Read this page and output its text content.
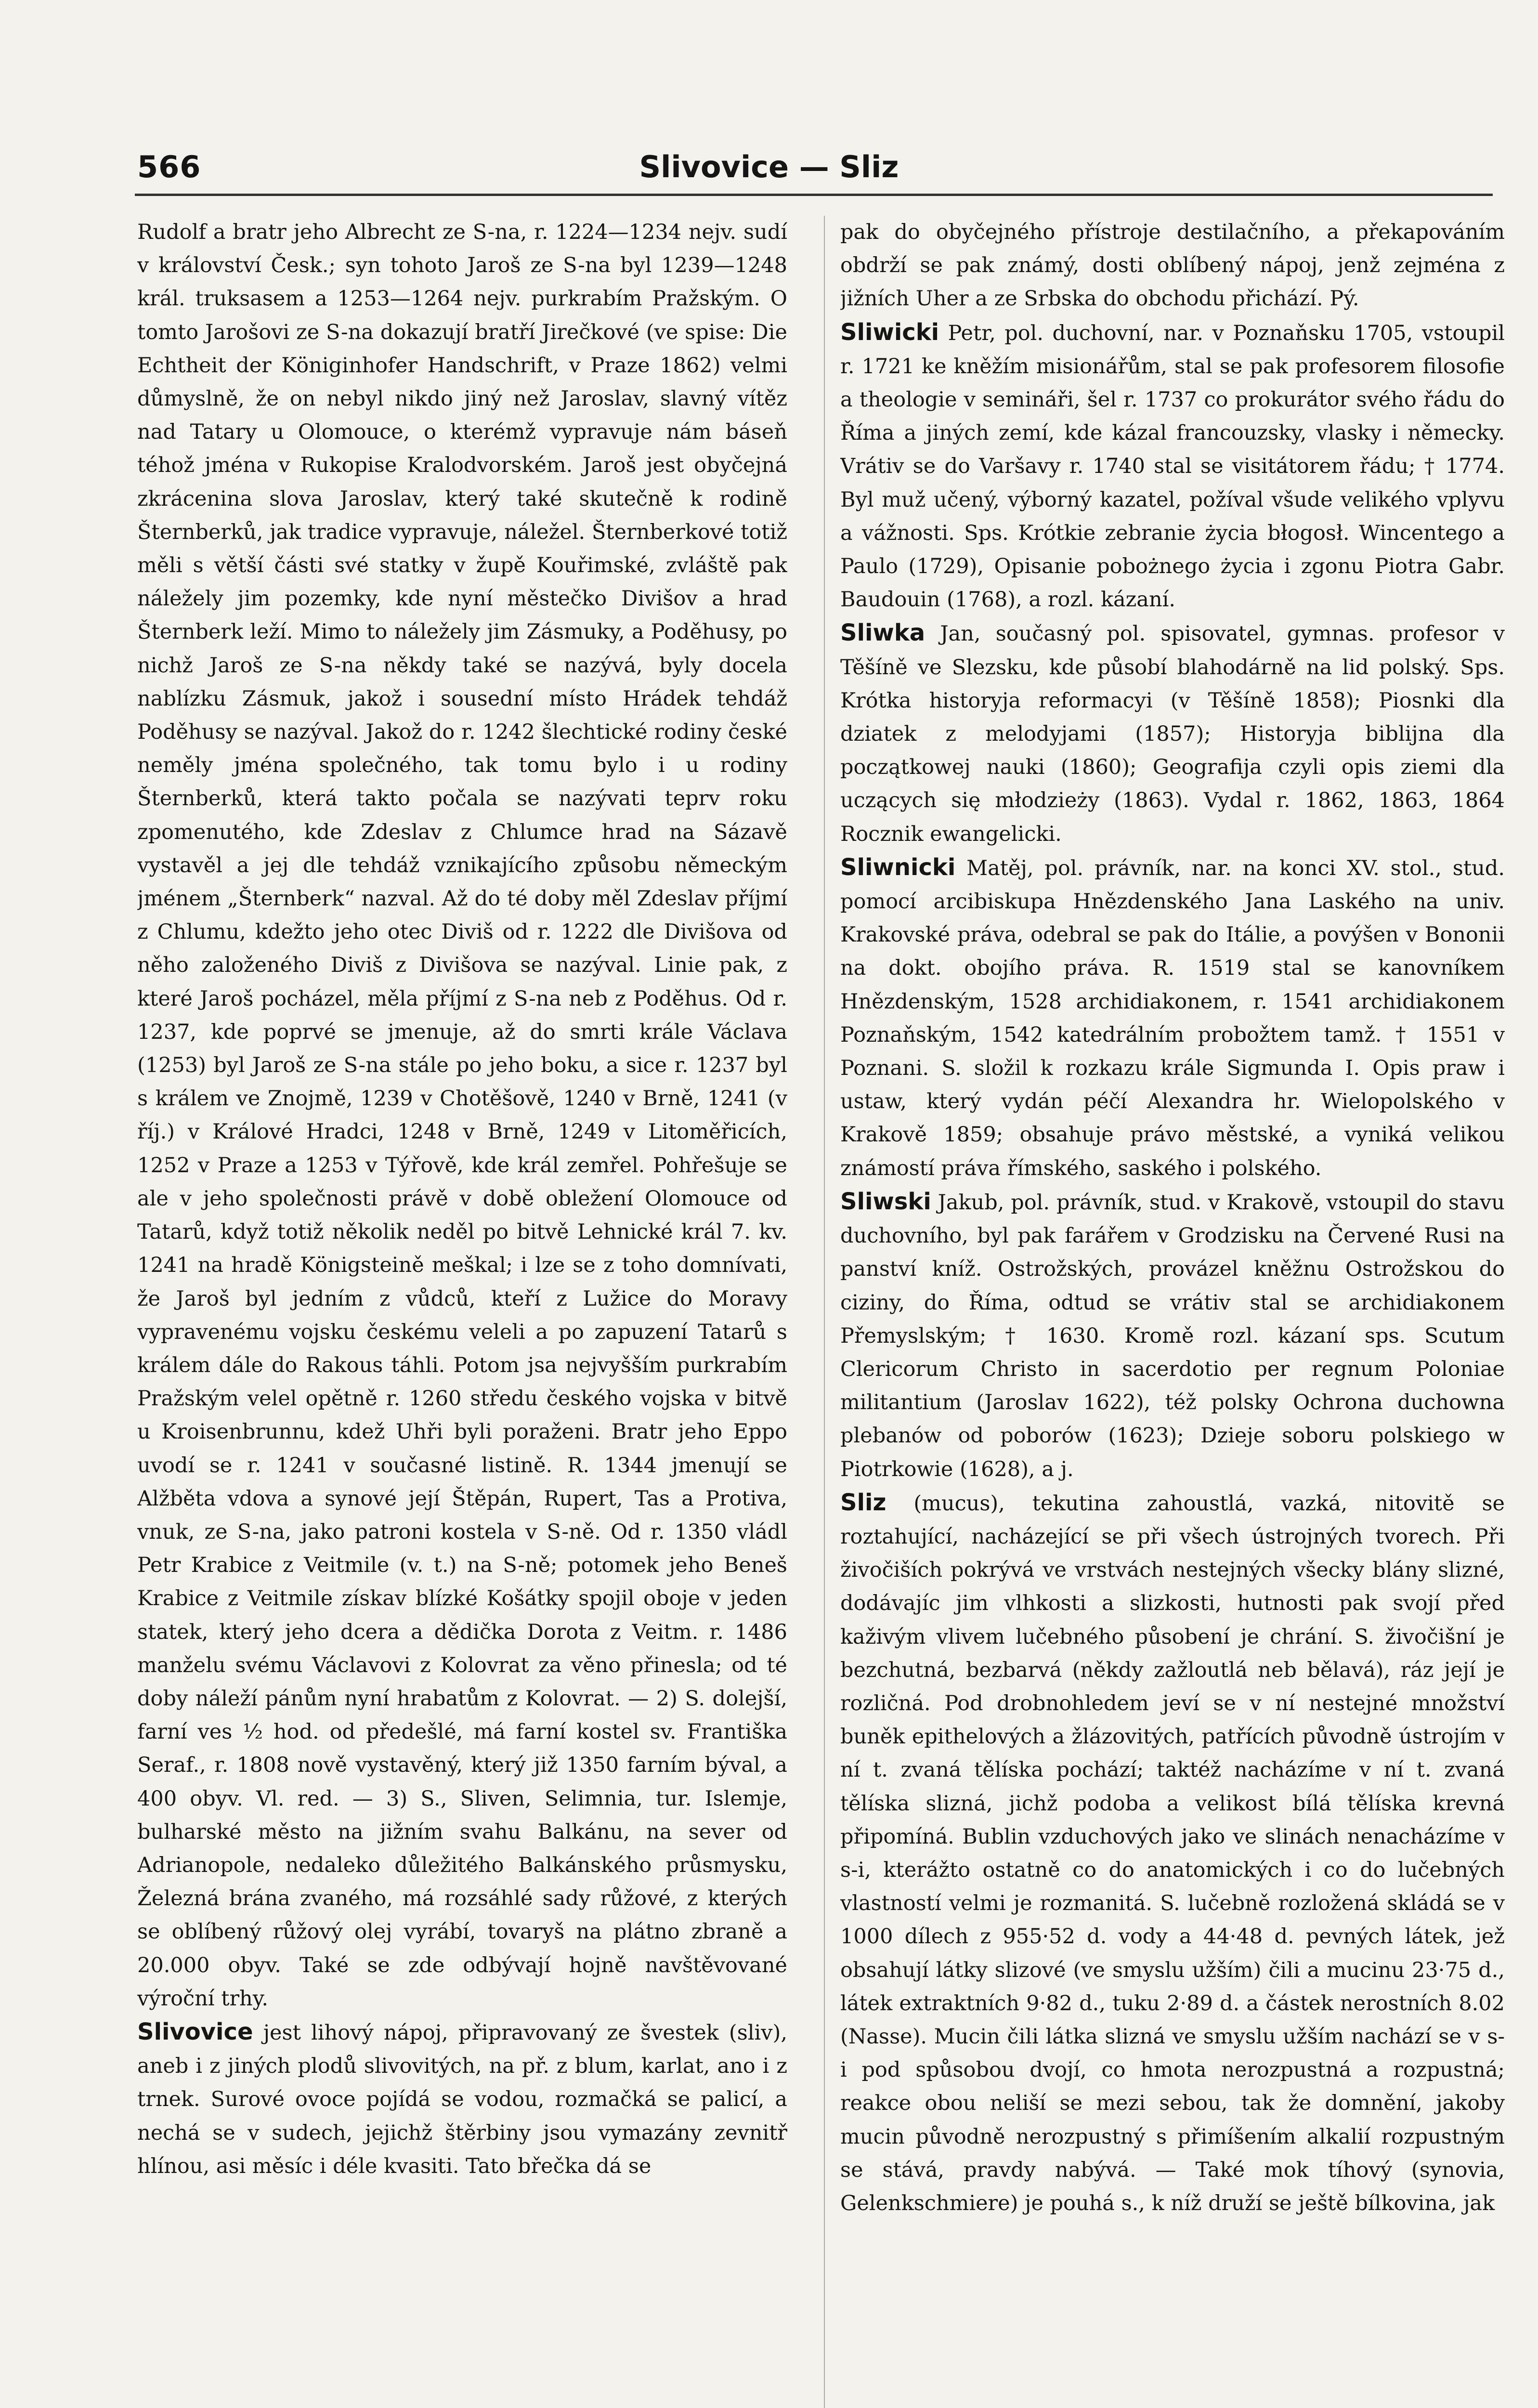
566	Slivovice — Sliz

Rudolf a bratr jeho Albrecht ze S-na, r. 1224—1234 nejv. sudí v království Česk.; syn tohoto Jaroš ze S-na byl 1239—1248 král. truksasem a 1253—1264 nejv. purkrabím Pražským. O tomto Jarošovi ze S-na dokazují bratří Jirečkové (ve spise: Die Echtheit der Königinhofer Handschrift, v Praze 1862) velmi důmyslně, že on nebyl nikdo jiný než Jaroslav, slavný vítěz nad Tatary u Olomouce, o kterémž vypravuje nám báseň téhož jména v Rukopise Kralodvorském. Jaroš jest obyčejná zkrácenina slova Jaroslav, který také skutečně k rodině Šternberků, jak tradice vypravuje, náležel. Šternberkové totiž měli s větší části své statky v župě Kouřimské, zvláště pak náležely jim pozemky, kde nyní městečko Divišov a hrad Šternberk leží. Mimo to náležely jim Zásmuky, a Poděhusy, po nichž Jaroš ze S-na někdy také se nazývá, byly docela nablízku Zásmuk, jakož i sousední místo Hrádek tehdáž Poděhusy se nazýval. Jakož do r. 1242 šlechtické rodiny české neměly jména společného, tak tomu bylo i u rodiny Šternberků, která takto počala se nazývati teprv roku zpomenutého, kde Zdeslav z Chlumce hrad na Sázavě vystavěl a jej dle tehdáž vznikajícího způsobu německým jménem „Šternberk“ nazval. Až do té doby měl Zdeslav příjmí z Chlumu, kdežto jeho otec Diviš od r. 1222 dle Divišova od něho založeného Diviš z Divišova se nazýval. Linie pak, z které Jaroš pocházel, měla příjmí z S-na neb z Poděhus. Od r. 1237, kde poprvé se jmenuje, až do smrti krále Václava (1253) byl Jaroš ze S-na stále po jeho boku, a sice r. 1237 byl s králem ve Znojmě, 1239 v Chotěšově, 1240 v Brně, 1241 (v říj.) v Králové Hradci, 1248 v Brně, 1249 v Litoměřicích, 1252 v Praze a 1253 v Týřově, kde král zemřel. Pohřešuje se ale v jeho společnosti právě v době obležení Olomouce od Tatarů, když totiž několik neděl po bitvě Lehnické král 7. kv. 1241 na hradě Königsteině meškal; i lze se z toho domnívati, že Jaroš byl jedním z vůdců, kteří z Lužice do Moravy vypravenému vojsku českému veleli a po zapuzení Tatarů s králem dále do Rakous táhli. Potom jsa nejvyšším purkrabím Pražským velel opětně r. 1260 středu českého vojska v bitvě u Kroisenbrunnu, kdež Uhři byli poraženi. Bratr jeho Eppo uvodí se r. 1241 v současné listině. R. 1344 jmenují se Alžběta vdova a synové její Štěpán, Rupert, Tas a Protiva, vnuk, ze S-na, jako patroni kostela v S-ně. Od r. 1350 vládl Petr Krabice z Veitmile (v. t.) na S-ně; potomek jeho Beneš Krabice z Veitmile získav blízké Košátky spojil oboje v jeden statek, který jeho dcera a dědička Dorota z Veitm. r. 1486 manželu svému Václavovi z Kolovrat za věno přinesla; od té doby náleží pánům nyní hrabatům z Kolovrat. — 2) S. dolejší, farní ves ½ hod. od předešlé, má farní kostel sv. Františka Seraf., r. 1808 nově vystavěný, který již 1350 farním býval, a 400 obyv. Vl. red. — 3) S., Sliven, Selimnia, tur. Islemje, bulharské město na jižním svahu Balkánu, na sever od Adrianopole, nedaleko důležitého Balkánského průsmysku, Železná brána zvaného, má rozsáhlé sady růžové, z kterých se oblíbený růžový olej vyrábí, tovaryš na plátno zbraně a 20.000 obyv. Také se zde odbývají hojně navštěvované výroční trhy.

Slivovice jest lihový nápoj, připravovaný ze švestek (sliv), aneb i z jiných plodů slivovitých, na př. z blum, karlat, ano i z trnek. Surové ovoce pojídá se vodou, rozmačká se palicí, a nechá se v sudech, jejichž štěrbiny jsou vymazány zevnitř hlínou, asi měsíc i déle kvasiti. Tato břečka dá se

pak do obyčejného přístroje destilačního, a překapováním obdrží se pak známý, dosti oblíbený nápoj, jenž zejména z jižních Uher a ze Srbska do obchodu přichází. Pý.

Sliwicki Petr, pol. duchovní, nar. v Poznaňsku 1705, vstoupil r. 1721 ke kněžím misionářům, stal se pak profesorem filosofie a theologie v semináři, šel r. 1737 co prokurátor svého řádu do Říma a jiných zemí, kde kázal francouzsky, vlasky i německy. Vrátiv se do Varšavy r. 1740 stal se visitátorem řádu; † 1774. Byl muž učený, výborný kazatel, požíval všude velikého vplyvu a vážnosti. Sps. Krótkie zebranie życia błogosł. Wincentego a Paulo (1729), Opisanie pobożnego życia i zgonu Piotra Gabr. Baudouin (1768), a rozl. kázaní.

Sliwka Jan, současný pol. spisovatel, gymnas. profesor v Těšíně ve Slezsku, kde působí blahodárně na lid polský. Sps. Krótka historyja reformacyi (v Těšíně 1858); Piosnki dla dziatek z melodyjami (1857); Historyja biblijna dla początkowej nauki (1860); Geografija czyli opis ziemi dla uczących się młodzieży (1863). Vydal r. 1862, 1863, 1864 Rocznik ewangelicki.

Sliwnicki Matěj, pol. právník, nar. na konci XV. stol., stud. pomocí arcibiskupa Hnězdenského Jana Laského na univ. Krakovské práva, odebral se pak do Itálie, a povýšen v Bononii na dokt. obojího práva. R. 1519 stal se kanovníkem Hnězdenským, 1528 archidiakonem, r. 1541 archidiakonem Poznaňským, 1542 katedrálním probožtem tamž. † 1551 v Poznani. S. složil k rozkazu krále Sigmunda I. Opis praw i ustaw, který vydán péčí Alexandra hr. Wielopolského v Krakově 1859; obsahuje právo městské, a vyniká velikou známostí práva římského, saského i polského.

Sliwski Jakub, pol. právník, stud. v Krakově, vstoupil do stavu duchovního, byl pak farářem v Grodzisku na Červené Rusi na panství kníž. Ostrožských, provázel kněžnu Ostrožskou do ciziny, do Říma, odtud se vrátiv stal se archidiakonem Přemyslským; † 1630. Kromě rozl. kázaní sps. Scutum Clericorum Christo in sacerdotio per regnum Poloniae militantium (Jaroslav 1622), též polsky Ochrona duchowna plebanów od poborów (1623); Dzieje soboru polskiego w Piotrkowie (1628), a j.

Sliz (mucus), tekutina zahoustlá, vazká, nitovitě se roztahující, nacházející se při všech ústrojných tvorech. Při živočiších pokrývá ve vrstvách nestejných všecky blány slizné, dodávajíc jim vlhkosti a slizkosti, hutnosti pak svojí před kaživým vlivem lučebného působení je chrání. S. živočišní je bezchutná, bezbarvá (někdy zažloutlá neb bělavá), ráz její je rozličná. Pod drobnohledem jeví se v ní nestejné množství buněk epithelových a žlázovitých, patřících původně ústrojím v ní t. zvaná tělíska pochází; taktéž nacházíme v ní t. zvaná tělíska slizná, jichž podoba a velikost bílá tělíska krevná připomíná. Bublin vzduchových jako ve slinách nenacházíme v s-i, kterážto ostatně co do anatomických i co do lučebných vlastností velmi je rozmanitá. S. lučebně rozložená skládá se v 1000 dílech z 955·52 d. vody a 44·48 d. pevných látek, jež obsahují látky slizové (ve smyslu užším) čili a mucinu 23·75 d., látek extraktních 9·82 d., tuku 2·89 d. a částek nerostních 8.02 (Nasse). Mucin čili látka slizná ve smyslu užším nachází se v s-i pod spůsobou dvojí, co hmota nerozpustná a rozpustná; reakce obou neliší se mezi sebou, tak že domnění, jakoby mucin původně nerozpustný s přimíšením alkalií rozpustným se stává, pravdy nabývá. — Také mok tíhový (synovia, Gelenkschmiere) je pouhá s., k níž druží se ještě bílkovina, jak
